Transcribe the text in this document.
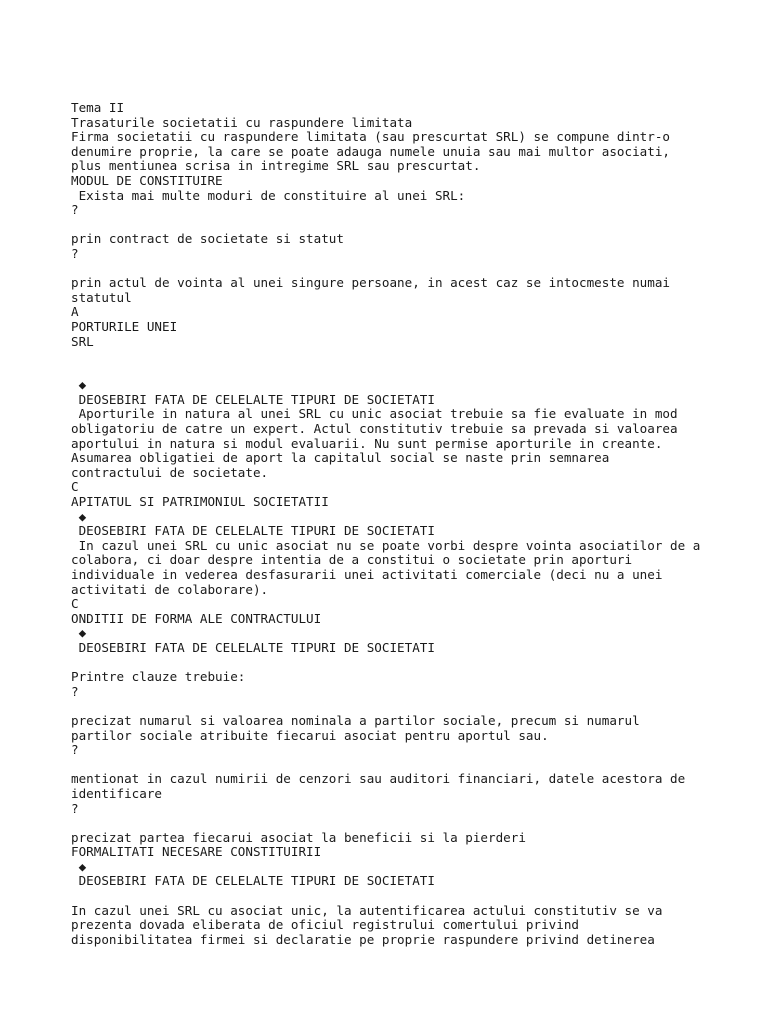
Tema II
Trasaturile societatii cu raspundere limitata
Firma societatii cu raspundere limitata (sau prescurtat SRL) se compune dintr-o
denumire proprie, la care se poate adauga numele unuia sau mai multor asociati,
plus mentiunea scrisa in intregime SRL sau prescurtat.
MODUL DE CONSTITUIRE
Exista mai multe moduri de constituire al unei SRL:
?
prin contract de societate si statut
?
prin actul de vointa al unei singure persoane, in acest caz se intocmeste numai
statutul
A
PORTURILE UNEI
SRL
◆
DEOSEBIRI FATA DE CELELALTE TIPURI DE SOCIETATI
Aporturile in natura al unei SRL cu unic asociat trebuie sa fie evaluate in mod
obligatoriu de catre un expert. Actul constitutiv trebuie sa prevada si valoarea
aportului in natura si modul evaluarii. Nu sunt permise aporturile in creante.
Asumarea obligatiei de aport la capitalul social se naste prin semnarea
contractului de societate.
C
APITATUL SI PATRIMONIUL SOCIETATII
◆
DEOSEBIRI FATA DE CELELALTE TIPURI DE SOCIETATI
In cazul unei SRL cu unic asociat nu se poate vorbi despre vointa asociatilor de a
colabora, ci doar despre intentia de a constitui o societate prin aporturi
individuale in vederea desfasurarii unei activitati comerciale (deci nu a unei
activitati de colaborare).
C
ONDITII DE FORMA ALE CONTRACTULUI
◆
DEOSEBIRI FATA DE CELELALTE TIPURI DE SOCIETATI
Printre clauze trebuie:
?
precizat numarul si valoarea nominala a partilor sociale, precum si numarul
partilor sociale atribuite fiecarui asociat pentru aportul sau.
?
mentionat in cazul numirii de cenzori sau auditori financiari, datele acestora de
identificare
?
precizat partea fiecarui asociat la beneficii si la pierderi
FORMALITATI NECESARE CONSTITUIRII
◆
DEOSEBIRI FATA DE CELELALTE TIPURI DE SOCIETATI
In cazul unei SRL cu asociat unic, la autentificarea actului constitutiv se va
prezenta dovada eliberata de oficiul registrului comertului privind
disponibilitatea firmei si declaratie pe proprie raspundere privind detinerea
